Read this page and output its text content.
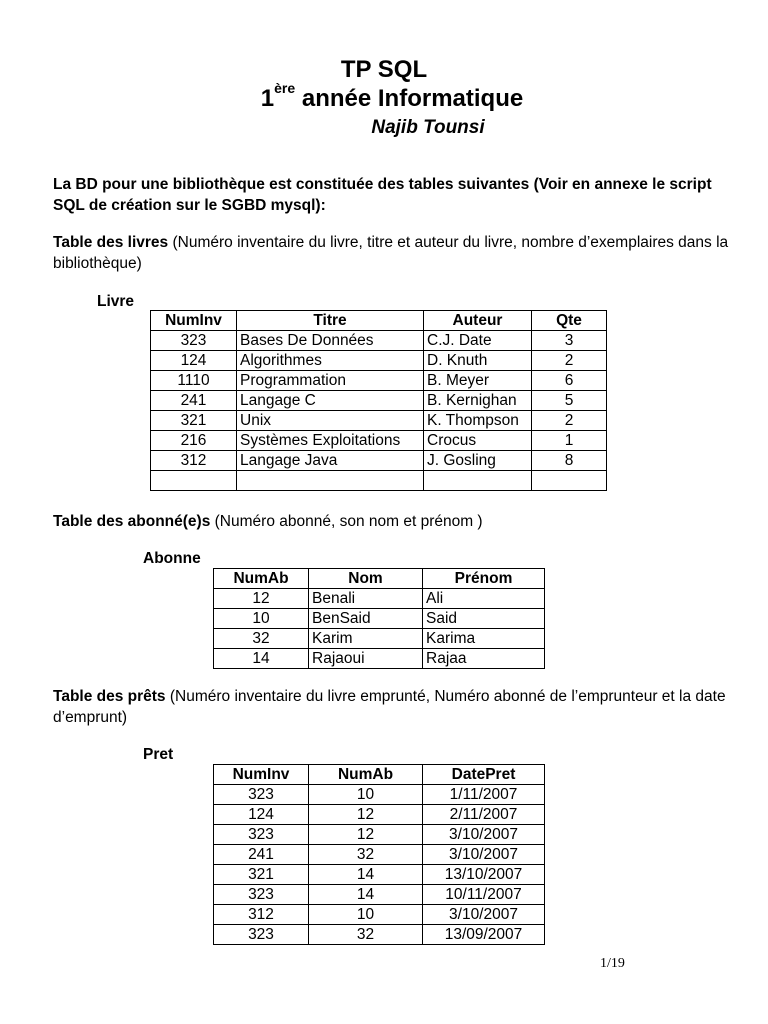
TP SQL
1ère année Informatique
Najib Tounsi
La BD pour une bibliothèque est constituée des tables suivantes (Voir en annexe le script SQL de création sur le SGBD mysql):
Table des livres (Numéro inventaire du livre, titre et auteur du livre, nombre d’exemplaires dans la bibliothèque)
Livre
NumInv	Titre	Auteur	Qte
323	Bases De Données	C.J. Date	3
124	Algorithmes	D. Knuth	2
1110	Programmation	B. Meyer	6
241	Langage C	B. Kernighan	5
321	Unix	K. Thompson	2
216	Systèmes Exploitations	Crocus	1
312	Langage Java	J. Gosling	8

Table des abonné(e)s (Numéro abonné, son nom et prénom )
Abonne
NumAb	Nom	Prénom
12	Benali	Ali
10	BenSaid	Said
32	Karim	Karima
14	Rajaoui	Rajaa
Table des prêts (Numéro inventaire du livre emprunté, Numéro abonné de l’emprunteur et la date d’emprunt)
Pret
NumInv	NumAb	DatePret
323	10	1/11/2007
124	12	2/11/2007
323	12	3/10/2007
241	32	3/10/2007
321	14	13/10/2007
323	14	10/11/2007
312	10	3/10/2007
323	32	13/09/2007
1/19
